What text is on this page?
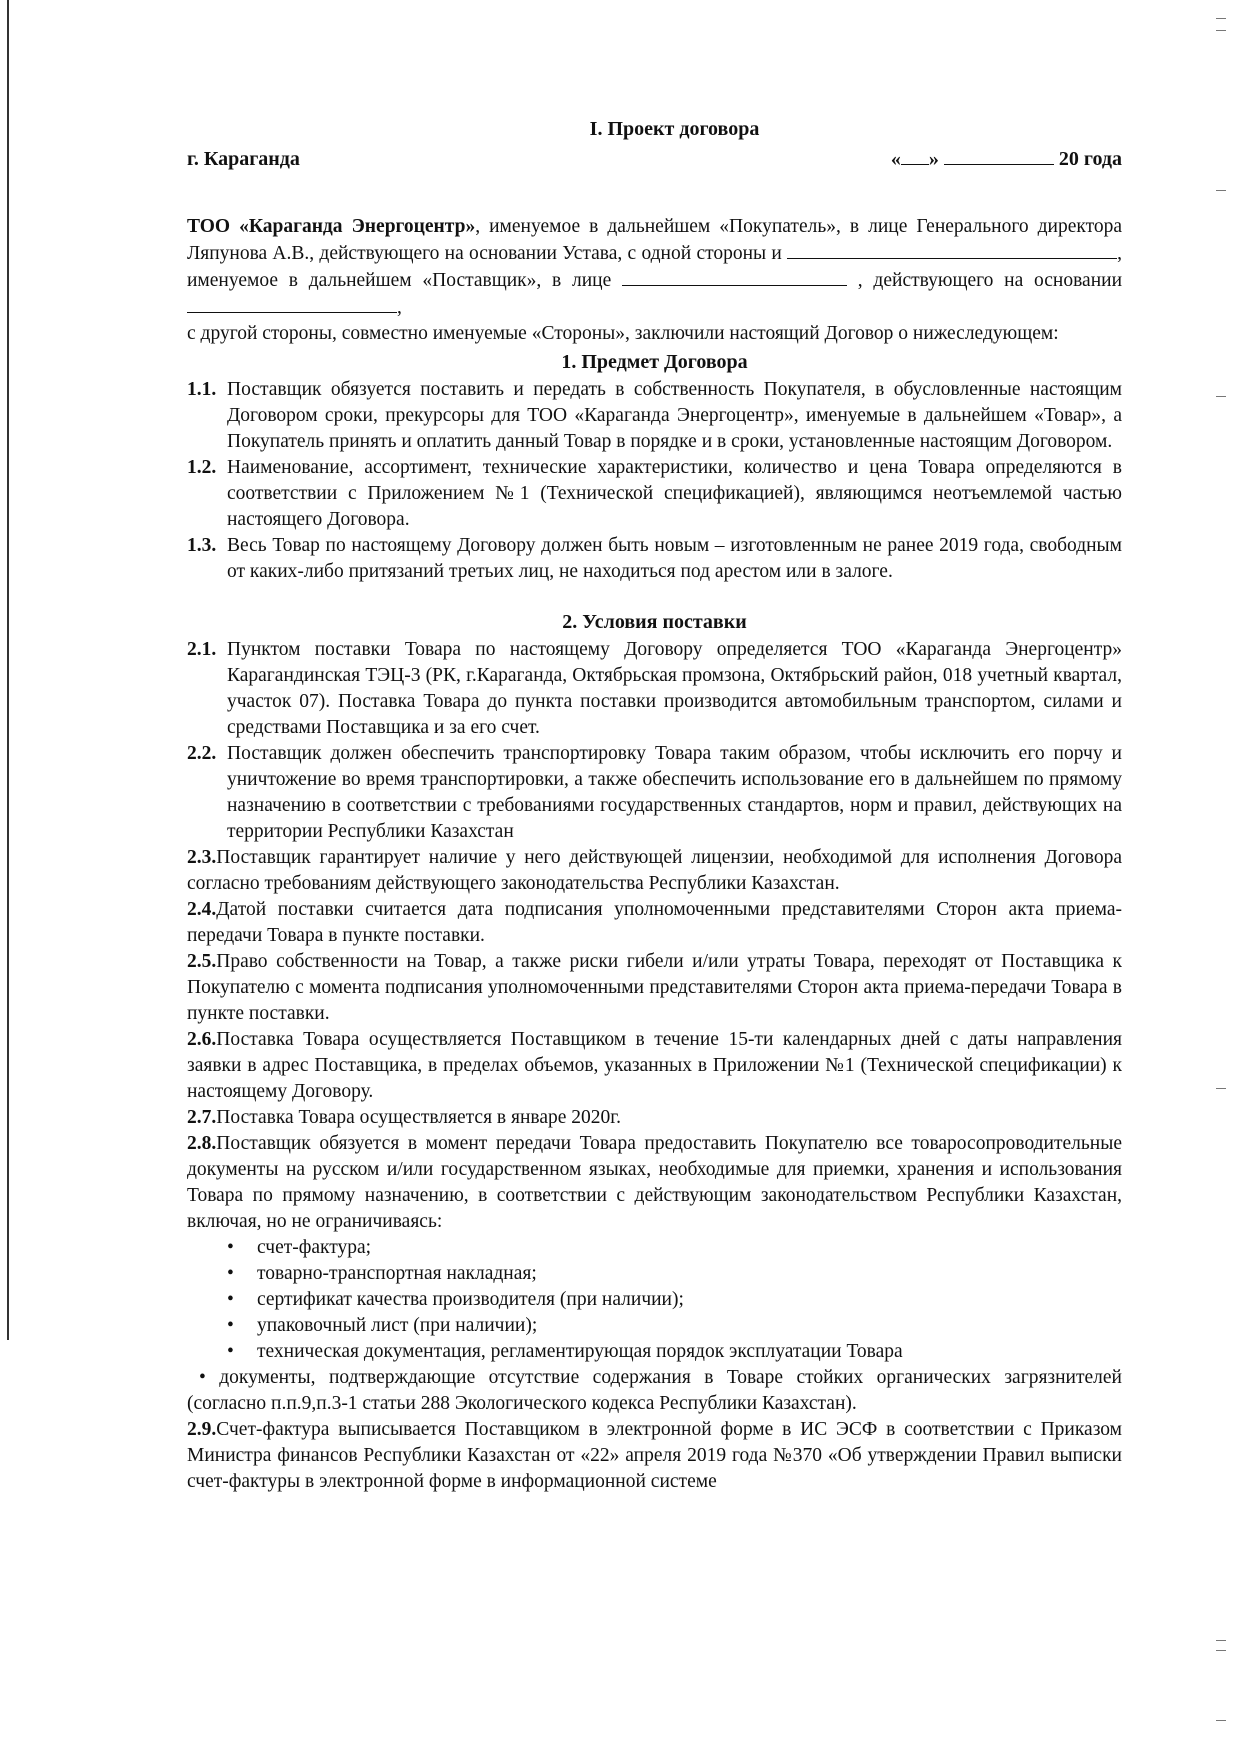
I. Проект договора
г. Караганда	« »	20 года

ТОО «Караганда Энергоцентр», именуемое в дальнейшем «Покупатель», в лице Генерального директора Ляпунова А.В., действующего на основании Устава, с одной стороны и	, именуемое в дальнейшем «Поставщик», в лице	, действующего на основании ,

с другой стороны, совместно именуемые «Стороны», заключили настоящий Договор о нижеследующем:

1. Предмет Договора
1.1. Поставщик обязуется поставить и передать в собственность Покупателя, в обусловленные настоящим Договором сроки, прекурсоры для ТОО «Караганда Энергоцентр», именуемые в дальнейшем «Товар», а Покупатель принять и оплатить данный Товар в порядке и в сроки, установленные настоящим Договором.
1.2. Наименование, ассортимент, технические характеристики, количество и цена Товара определяются в соответствии с Приложением №1 (Технической спецификацией), являющимся неотъемлемой частью настоящего Договора.
1.3. Весь Товар по настоящему Договору должен быть новым – изготовленным не ранее 2019 года, свободным от каких-либо притязаний третьих лиц, не находиться под арестом или в залоге.
2. Условия поставки
2.1. Пунктом поставки Товара по настоящему Договору определяется ТОО «Караганда Энергоцентр» Карагандинская ТЭЦ-3 (РК, г.Караганда, Октябрьская промзона, Октябрьский район, 018 учетный квартал, участок 07). Поставка Товара до пункта поставки производится автомобильным транспортом, силами и средствами Поставщика и за его счет.
2.2. Поставщик должен обеспечить транспортировку Товара таким образом, чтобы исключить его порчу и уничтожение во время транспортировки, а также обеспечить использование его в дальнейшем по прямому назначению в соответствии с требованиями государственных стандартов, норм и правил, действующих на территории Республики Казахстан

2.3.Поставщик гарантирует наличие у него действующей лицензии, необходимой для исполнения Договора согласно требованиям действующего законодательства Республики Казахстан.

2.4.Датой поставки считается дата подписания уполномоченными представителями Сторон акта приема-передачи Товара в пункте поставки.

2.5.Право собственности на Товар, а также риски гибели и/или утраты Товара, переходят от Поставщика к Покупателю с момента подписания уполномоченными представителями Сторон акта приема-передачи Товара в пункте поставки.

2.6.Поставка Товара осуществляется Поставщиком в течение 15-ти календарных дней с даты направления заявки в адрес Поставщика, в пределах объемов, указанных в Приложении №1 (Технической спецификации) к настоящему Договору.

2.7.Поставка Товара осуществляется в январе 2020г.

2.8.Поставщик обязуется в момент передачи Товара предоставить Покупателю все товаросопроводительные документы на русском и/или государственном языках, необходимые для приемки, хранения и использования Товара по прямому назначению, в соответствии с действующим законодательством Республики Казахстан, включая, но не ограничиваясь:

• счет-фактура;
• товарно-транспортная накладная;
• сертификат качества производителя (при наличии);
• упаковочный лист (при наличии);
• техническая документация, регламентирующая порядок эксплуатации Товара

• документы, подтверждающие отсутствие содержания в Товаре стойких органических загрязнителей (согласно п.п.9,п.3-1 статьи 288 Экологического кодекса Республики Казахстан).

2.9.Счет-фактура выписывается Поставщиком в электронной форме в ИС ЭСФ в соответствии с Приказом Министра финансов Республики Казахстан от «22» апреля 2019 года №370 «Об утверждении Правил выписки счет-фактуры в электронной форме в информационной системе
